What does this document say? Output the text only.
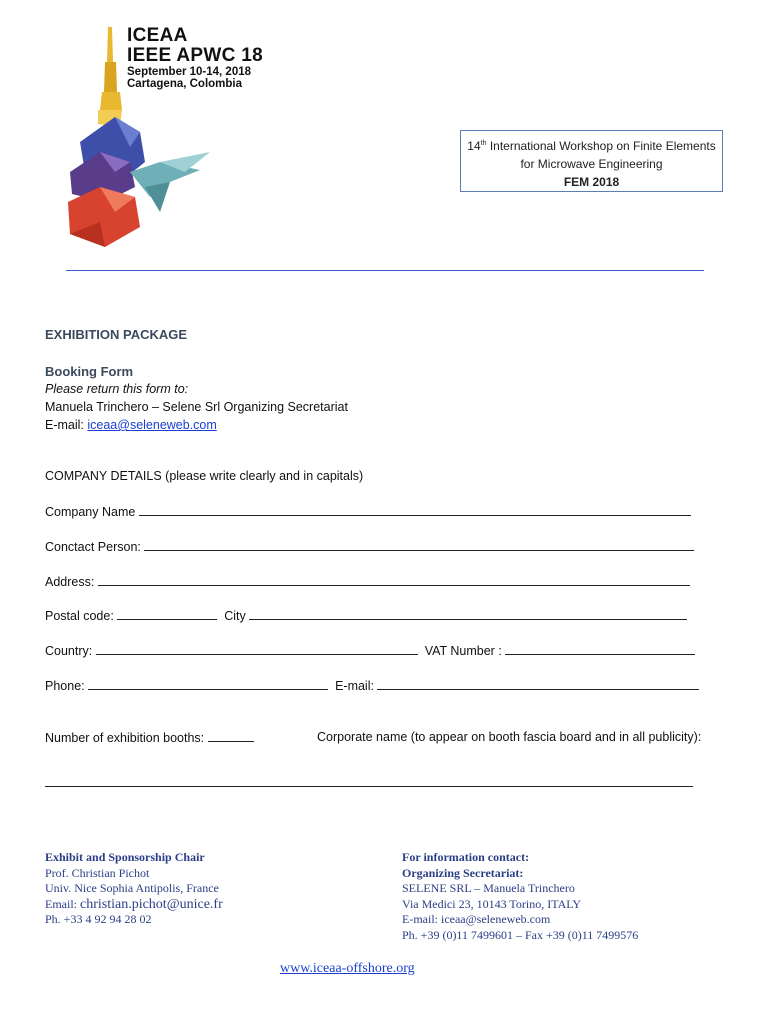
ICEAA
IEEE APWC 18
September 10-14, 2018
Cartagena, Colombia
14th International Workshop on Finite Elements
for Microwave Engineering
FEM 2018
EXHIBITION PACKAGE
Booking Form
Please return this form to:
Manuela Trinchero – Selene Srl Organizing Secretariat
E-mail: iceaa@seleneweb.com
COMPANY DETAILS (please write clearly and in capitals)
Company Name
Conctact Person:
Address:
Postal code:	City
Country:	VAT Number :
Phone:	E-mail:
Number of exhibition booths:	Corporate name (to appear on booth fascia board and in all publicity):
Exhibit and Sponsorship Chair
Prof. Christian Pichot
Univ. Nice Sophia Antipolis, France
Email: christian.pichot@unice.fr
Ph. +33 4 92 94 28 02
For information contact:
Organizing Secretariat:
SELENE SRL – Manuela Trinchero
Via Medici 23, 10143 Torino, ITALY
E-mail: iceaa@seleneweb.com
Ph. +39 (0)11 7499601 – Fax +39 (0)11 7499576
www.iceaa-offshore.org
